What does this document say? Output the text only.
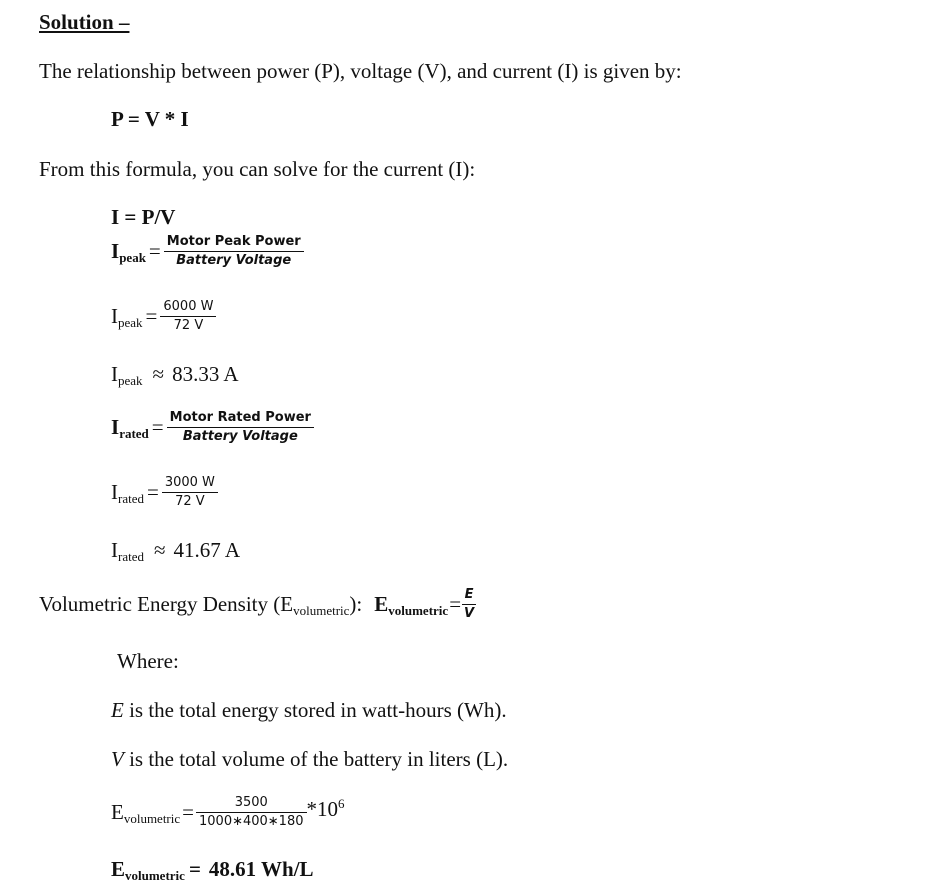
Solution –
The relationship between power (P), voltage (V), and current (I) is given by:
P = V * I
From this formula, you can solve for the current (I):
I = P/V
$I_{peak} = \frac{\text{Motor Peak Power}}{\text{Battery Voltage}}$
$I_{peak} = \frac{6000 W}{72 V}$
$I_{peak} \approx 83.33$ A
$I_{rated} = \frac{\text{Motor Rated Power}}{\text{Battery Voltage}}$
$I_{rated} = \frac{3000 W}{72 V}$
$I_{rated} \approx 41.67$ A
Volumetric Energy Density $(E_{volumetric})$: $E_{volumetric} = \frac{E}{V}$
Where:
E is the total energy stored in watt-hours (Wh).
V is the total volume of the battery in liters (L).
$E_{volumetric} = \frac{3500}{1000∗400∗180} *10^6$
$E_{volumetric} = 48.61$ Wh/L
